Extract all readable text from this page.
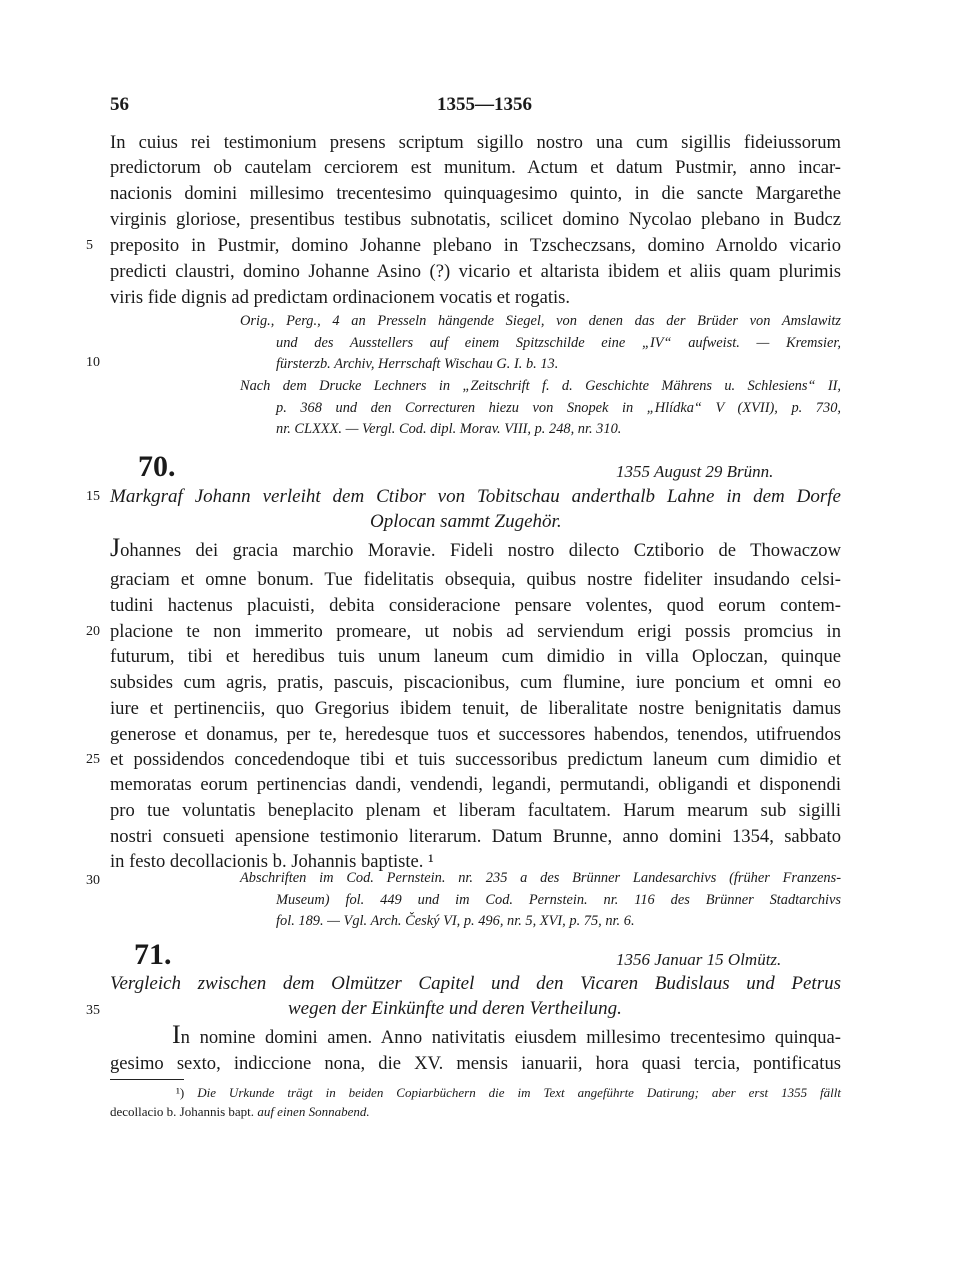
56	1355—1356
In cuius rei testimonium presens scriptum sigillo nostro una cum sigillis fideiussorum
predictorum ob cautelam cerciorem est munitum. Actum et datum Pustmir, anno incar-
nacionis domini millesimo trecentesimo quinquagesimo quinto, in die sancte Margarethe
virginis gloriose, presentibus testibus subnotatis, scilicet domino Nycolao plebano in Budcz
5 preposito in Pustmir, domino Johanne plebano in Tzscheczsans, domino Arnoldo vicario
predicti claustri, domino Johanne Asino (?) vicario et altarista ibidem et aliis quam plurimis
viris fide dignis ad predictam ordinacionem vocatis et rogatis.
Orig., Perg., 4 an Presseln hängende Siegel, von denen das der Brüder von Amslawitz
und des Ausstellers auf einem Spitzschilde eine „IV“ aufweist. — Kremsier,
10	fürsterzb. Archiv, Herrschaft Wischau G. I. b. 13.
Nach dem Drucke Lechners in „Zeitschrift f. d. Geschichte Mährens u. Schlesiens“ II,
p. 368 und den Correcturen hiezu von Snopek in „Hlídka“ V (XVII), p. 730,
nr. CLXXX. — Vergl. Cod. dipl. Morav. VIII, p. 248, nr. 310.
70.	1355 August 29 Brünn.
15 Markgraf Johann verleiht dem Ctibor von Tobitschau anderthalb Lahne in dem Dorfe
Oplocan sammt Zugehör.
Johannes dei gracia marchio Moravie. Fideli nostro dilecto Cztiborio de Thowaczow
graciam et omne bonum. Tue fidelitatis obsequia, quibus nostre fideliter insudando celsi-
tudini hactenus placuisti, debita consideracione pensare volentes, quod eorum contem-
20 placione te non immerito promeare, ut nobis ad serviendum erigi possis promcius in
futurum, tibi et heredibus tuis unum laneum cum dimidio in villa Oploczan, quinque
subsides cum agris, pratis, pascuis, piscacionibus, cum flumine, iure poncium et omni eo
iure et pertinenciis, quo Gregorius ibidem tenuit, de liberalitate nostre benignitatis damus
generose et donamus, per te, heredesque tuos et successores habendos, tenendos, utifruendos
25 et possidendos concedendoque tibi et tuis successoribus predictum laneum cum dimidio et
memoratas eorum pertinencias dandi, vendendi, legandi, permutandi, obligandi et disponendi
pro tue voluntatis beneplacito plenam et liberam facultatem. Harum mearum sub sigilli
nostri consueti apensione testimonio literarum. Datum Brunne, anno domini 1354, sabbato
in festo decollacionis b. Johannis baptiste. ¹
30	Abschriften im Cod. Pernstein. nr. 235 a des Brünner Landesarchivs (früher Franzens-
Museum) fol. 449 und im Cod. Pernstein. nr. 116 des Brünner Stadtarchivs
fol. 189. — Vgl. Arch. Český VI, p. 496, nr. 5, XVI, p. 75, nr. 6.
71.	1356 Januar 15 Olmütz.
Vergleich zwischen dem Olmützer Capitel und den Vicaren Budislaus und Petrus
35	wegen der Einkünfte und deren Vertheilung.
In nomine domini amen. Anno nativitatis eiusdem millesimo trecentesimo quinqua-
gesimo sexto, indiccione nona, die XV. mensis ianuarii, hora quasi tercia, pontificatus
¹) Die Urkunde trägt in beiden Copiarbüchern die im Text angeführte Datirung; aber erst 1355 fällt
decollacio b. Johannis bapt. auf einen Sonnabend.
